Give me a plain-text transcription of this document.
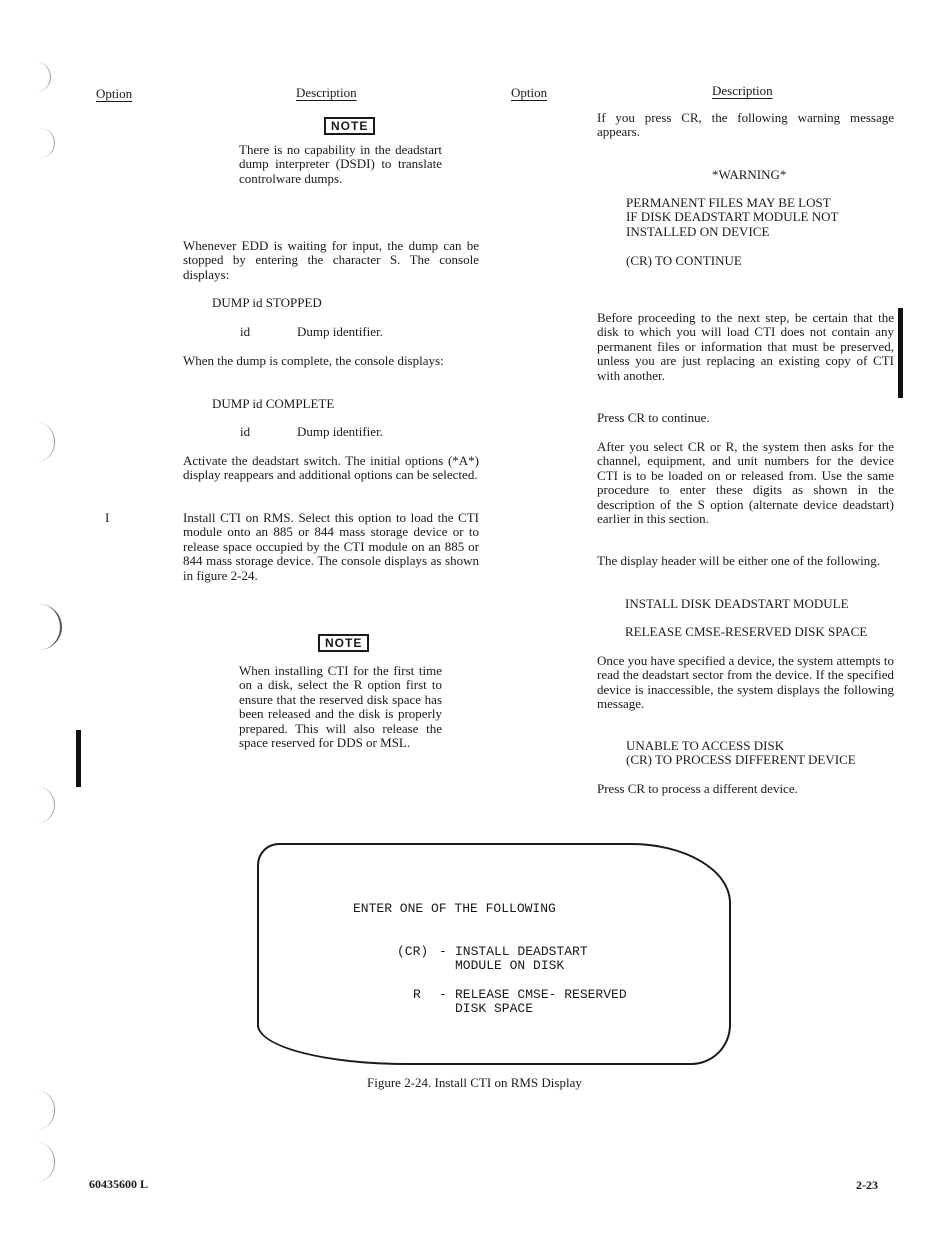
Option	Description	Option	Description
NOTE

There is no capability in the deadstart dump interpreter (DSDI) to translate controlware dumps.

Whenever EDD is waiting for input, the dump can be stopped by entering the character S. The console displays:

DUMP id STOPPED
id	Dump identifier.

When the dump is complete, the console displays:

DUMP id COMPLETE
id	Dump identifier.

Activate the deadstart switch. The initial options (*A*) display reappears and additional options can be selected.

I	Install CTI on RMS. Select this option to load the CTI module onto an 885 or 844 mass storage device or to release space occupied by the CTI module on an 885 or 844 mass storage device. The console displays as shown in figure 2-24.

NOTE

When installing CTI for the first time on a disk, select the R option first to ensure that the reserved disk space has been released and the disk is properly prepared. This will also release the space reserved for DDS or MSL.

If you press CR, the following warning message appears.

*WARNING*
PERMANENT FILES MAY BE LOST
IF DISK DEADSTART MODULE NOT
INSTALLED ON DEVICE
(CR) TO CONTINUE

Before proceeding to the next step, be certain that the disk to which you will load CTI does not contain any permanent files or information that must be preserved, unless you are just replacing an existing copy of CTI with another.

Press CR to continue.

After you select CR or R, the system then asks for the channel, equipment, and unit numbers for the device CTI is to be loaded on or released from. Use the same procedure to enter these digits as shown in the description of the S option (alternate device deadstart) earlier in this section.

The display header will be either one of the following.

INSTALL DISK DEADSTART MODULE
RELEASE CMSE-RESERVED DISK SPACE

Once you have specified a device, the system attempts to read the deadstart sector from the device. If the specified device is inaccessible, the system displays the following message.

UNABLE TO ACCESS DISK
(CR) TO PROCESS DIFFERENT DEVICE

Press CR to process a different device.

ENTER ONE OF THE FOLLOWING
(CR) - INSTALL DEADSTART
MODULE ON DISK
R - RELEASE CMSE- RESERVED
DISK SPACE
Figure 2-24. Install CTI on RMS Display
60435600 L	2-23
